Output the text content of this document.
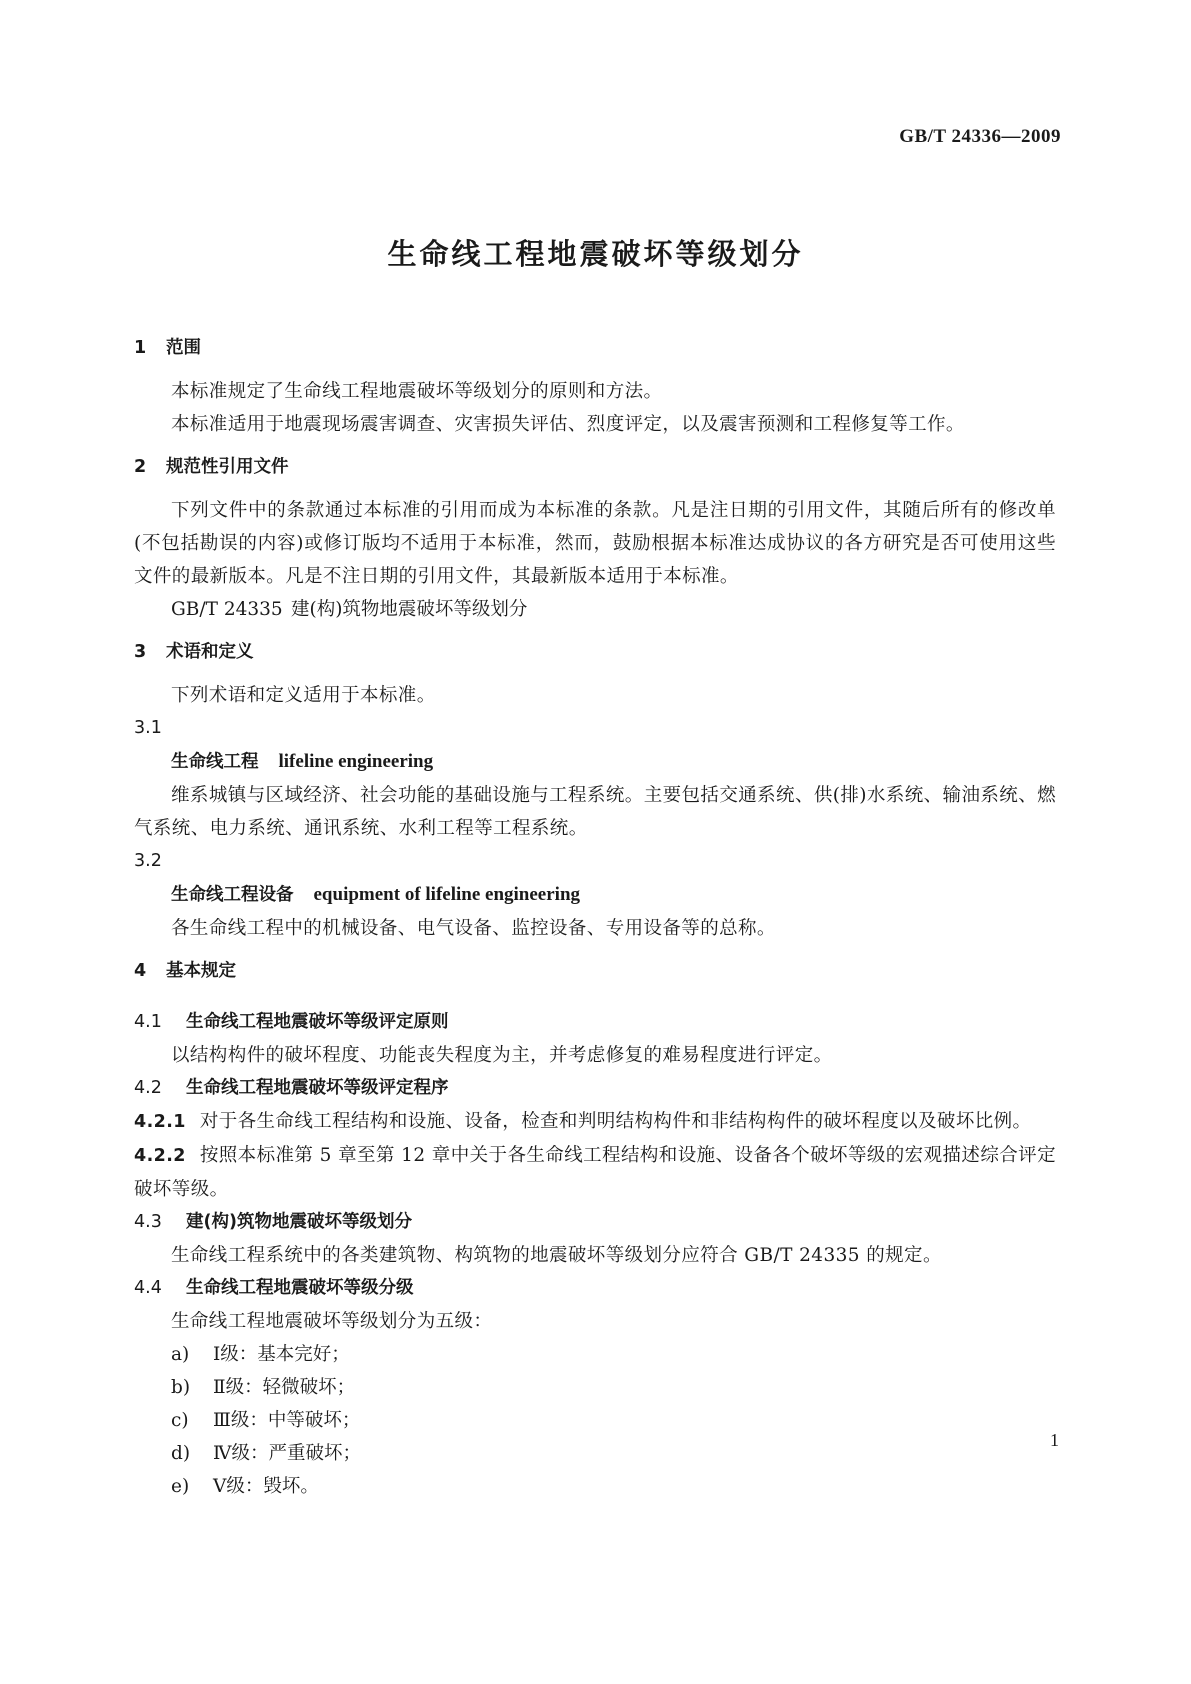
GB/T 24336—2009
生命线工程地震破坏等级划分
1 范围
本标准规定了生命线工程地震破坏等级划分的原则和方法。
本标准适用于地震现场震害调查、灾害损失评估、烈度评定，以及震害预测和工程修复等工作。
2 规范性引用文件
下列文件中的条款通过本标准的引用而成为本标准的条款。凡是注日期的引用文件，其随后所有的修改单(不包括勘误的内容)或修订版均不适用于本标准，然而，鼓励根据本标准达成协议的各方研究是否可使用这些文件的最新版本。凡是不注日期的引用文件，其最新版本适用于本标准。
GB/T 24335 建(构)筑物地震破坏等级划分
3 术语和定义
下列术语和定义适用于本标准。
3.1
生命线工程 lifeline engineering
维系城镇与区域经济、社会功能的基础设施与工程系统。主要包括交通系统、供(排)水系统、输油系统、燃气系统、电力系统、通讯系统、水利工程等工程系统。
3.2
生命线工程设备 equipment of lifeline engineering
各生命线工程中的机械设备、电气设备、监控设备、专用设备等的总称。
4 基本规定
4.1 生命线工程地震破坏等级评定原则
以结构构件的破坏程度、功能丧失程度为主，并考虑修复的难易程度进行评定。
4.2 生命线工程地震破坏等级评定程序
4.2.1 对于各生命线工程结构和设施、设备，检查和判明结构构件和非结构构件的破坏程度以及破坏比例。
4.2.2 按照本标准第 5 章至第 12 章中关于各生命线工程结构和设施、设备各个破坏等级的宏观描述综合评定破坏等级。
4.3 建(构)筑物地震破坏等级划分
生命线工程系统中的各类建筑物、构筑物的地震破坏等级划分应符合 GB/T 24335 的规定。
4.4 生命线工程地震破坏等级分级
生命线工程地震破坏等级划分为五级：
a) Ⅰ级：基本完好；
b) Ⅱ级：轻微破坏；
c) Ⅲ级：中等破坏；
d) Ⅳ级：严重破坏；
e) Ⅴ级：毁坏。
1
